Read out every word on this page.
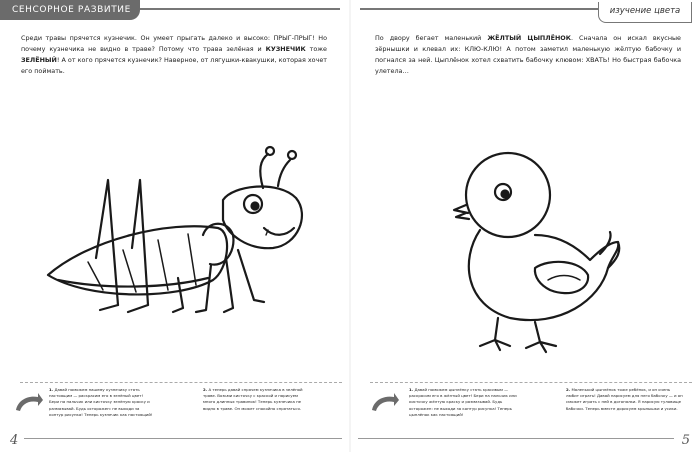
СЕНСОРНОЕ РАЗВИТИЕ
Среди травы прячется кузнечик. Он умеет прыгать далеко и высоко: ПРЫГ-ПРЫГ! Но почему кузнечика не видно в траве? Потому что трава зелёная и КУЗНЕЧИК тоже ЗЕЛЁНЫЙ! А от кого прячется кузнечик? Наверное, от лягушки-квакушки, которая хочет его поймать.
1. Давай поможем нашему кузнечику стать настоящим — раскрасим его в зелёный цвет! Бери на пальчик или кисточку зелёную краску и размазывай. Будь осторожен: не выходи за контур рисунка! Теперь кузнечик как настоящий!
2. А теперь давай спрячем кузнечика в зелёной траве. Возьми кисточку с краской и нарисуем много длинных травинок! Теперь кузнечика не видно в траве. Он может спокойно спрятаться.
4
изучение цвета
По двору бегает маленький ЖЁЛТЫЙ ЦЫПЛЁНОК. Сначала он искал вкусные зёрнышки и клевал их: КЛЮ-КЛЮ! А потом заметил маленькую жёлтую бабочку и погнался за ней. Цыплёнок хотел схватить бабочку клювом: ХВАТЬ! Но быстрая бабочка улетела…
1. Давай поможем цыплёнку стать красивым — раскрасим его в жёлтый цвет! Бери на пальчик или кисточку жёлтую краску и размазывай. Будь осторожен: не выходи за контур рисунка! Теперь цыплёнок как настоящий!
2. Маленький цыплёнок тоже ребёнок, и он очень любит играть! Давай нарисуем для него бабочку — и он сможет играть с ней в догонялки. Я нарисую туловище бабочки. Теперь вместе дорисуем крылышки и усики.
5
